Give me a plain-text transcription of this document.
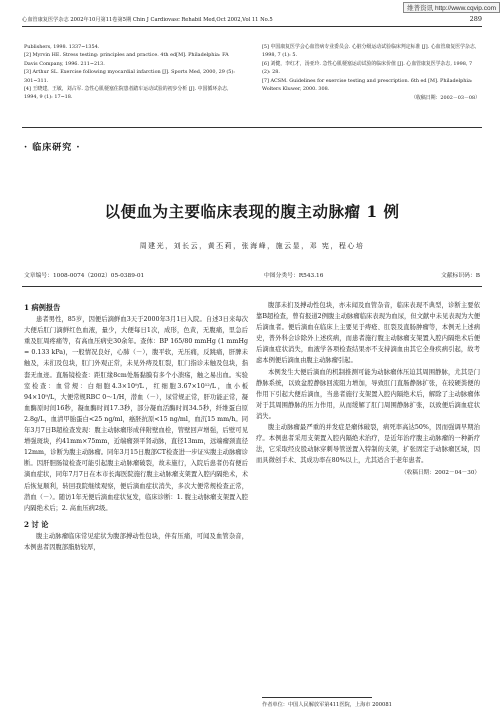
维普资讯 http://www.cqvip.com
心血管康复医学杂志 2002年10月第11卷第5期 Chin J Cardiovasc Rehabil Med,Oct 2002,Vol 11 No.5	289

Publishers, 1998. 1337~1354.

[2] Myrvin HE. Stress testing: principles and practice. 4th ed[M]. Philadelphia: FA Davis Company, 1996. 211~213.

[3] Arthur SL. Exercise following myocardial infarction [J]. Sports Med, 2000, 29 (5): 301~311.

[4] 王晓建，王敏，刘占军. 急性心肌梗塞住院患者踏车运动试验的初步分析 [J]. 中国循环杂志, 1994, 9 (1): 17~18.

[5] 中国康复医学会心血管病专业委员会. 心脏分级运动试验临床判定标准 [J]. 心血管康复医学杂志, 1998, 7 (1): 5.

[6] 刘健，李红才，汤亚玲. 急性心肌梗塞运动试验的临床价值 [J]. 心血管康复医学杂志, 1998, 7 (2): 28.

[7] ACSM. Guidelines for exercise testing and prescription. 6th ed [M]. Philadelphia: Wolters Kluwer, 2000. 308.

（收稿日期：2002－03－08）

· 临床研究 ·
以便血为主要临床表现的腹主动脉瘤 1 例
周建光，刘长云，黄丕莉，张海峰，施云显，邓 宪，程心培
文章编号：1008-0074（2002）05-0389-01	中图分类号：R543.16	文献标识码：B

1 病例报告

患者男性，85岁，因便后滴鲜血3天于2000年3月1日入院。自述3日来每次大便后肛门滴鲜红色血液，量少，大便每日1次，成形，色黄，无腹痛，里急后重及肛周疼痛等，有高血压病史30余年。查体：BP 165/80 mmHg (1 mmHg = 0.133 kPa)，一般情况良好，心肺（－），腹平软，无压痛，反跳痛，肝脾未触及，未扪及包块，肛门外观正常，未见外痔及肛裂，肛门指诊未触及包块，指套无血迹。直肠镜检查：距肛缘8cm处肠黏膜有多个小溃疡，触之易出血。实验室检查：血常规：白细胞4.3×10⁹/L，红细胞3.67×10¹²/L，血小板94×10⁹/L，大便常规RBC 0～1/H，潜血（－），尿常规正常，肝功能正常，凝血酶原时间16秒，凝血酶时间17.3秒，部分凝血活酶时间34.5秒，纤维蛋白原2.8g/L，血清甲胎蛋白<25 ng/ml，癌胚抗原<15 ng/ml，血沉15 mm/h。同年3月7日B超检查发现：腹主动脉瘤形成伴附壁血栓，管壁回声增强，后壁可见增强斑块，约41mm×75mm，近端瘤颈平肾动脉，直径13mm，远端瘤颈直径12mm，诊断为腹主动脉瘤。同年3月15日腹部CT检查进一步证实腹主动脉瘤诊断。因肝胆肠镜检查可能引起腹主动脉瘤破裂，故未施行，入院后患者仍有便后滴血症状，同年7月7日在本市长海医院施行腹主动脉瘤支架置入腔内隔绝术，术后恢复顺利，转回我院继续观察，便后滴血症状消失，多次大便常规检查正常，潜血（－）。随访1年无便后滴血症状复发，临床诊断：1. 腹主动脉瘤支架置入腔内隔绝术后；2. 高血压病2级。

2 讨 论

腹主动脉瘤临床常见症状为腹部搏动性包块，伴有压痛，可闻及血管杂音，本例患者因腹部脂肪较厚，

腹部未扪及搏动性包块，亦未闻及血管杂音，临床表现不典型，诊断主要依靠B超检查，曾有报道2例腹主动脉瘤临床表现为血尿，但文献中未见表现为大便后滴血者。便后滴血在临床上主要见于痔疮、肛裂及直肠肿瘤等，本例无上述病史，普外科会诊除外上述疾病，而患者施行腹主动脉瘤支架置入腔内隔绝术后便后滴血症状消失，血液学各项检查结果亦不支持滴血由其它全身疾病引起，故考虑本例便后滴血由腹主动脉瘤引起。

本例发生大便后滴血的机制推测可能为动脉瘤体压迫其周围静脉，尤其是门静脉系统，以致盆腔静脉回流阻力增加，导致肛门直肠静脉扩张，在较硬粪便的作用下引起大便后滴血，当患者施行支架置入腔内隔绝术后，解除了主动脉瘤体对于其周围静脉的压力作用，从而缓解了肛门周围静脉扩张，以致便后滴血症状消失。

腹主动脉瘤最严重的并发症是瘤体破裂，病死率高达50%，因而强调早期治疗。本例患者采用支架置入腔内隔绝术治疗，是近年治疗腹主动脉瘤的一种新疗法，它采取经皮股动脉穿刺导管送置入特制的支架，扩张固定于动脉瘤区域，因而具微创手术、其成功率在80%以上，尤其适合于老年患者。

（收稿日期：2002－04－30）

作者单位：中国人民解放军第411医院，上海市 200081
